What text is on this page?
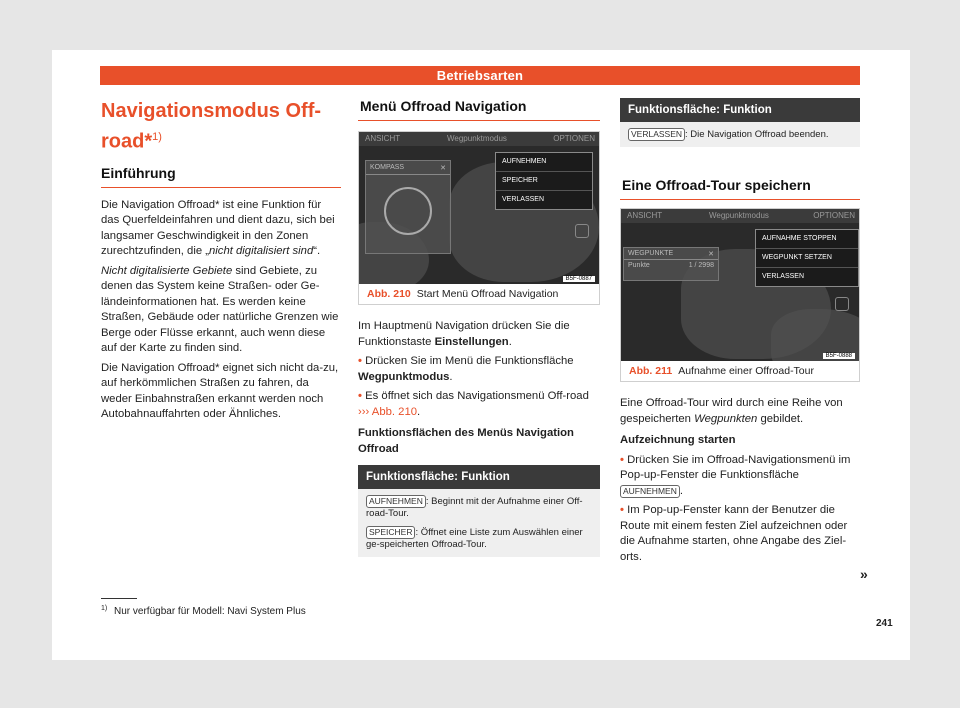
Betriebsarten
Navigationsmodus Off-
road*$^{1)}$
Einführung

Die Navigation Offroad* ist eine Funktion für das Querfeldeinfahren und dient dazu, sich bei langsamer Geschwindigkeit in den Zonen zurechtzufinden, die „nicht digitalisiert sind“.

Nicht digitalisierte Gebiete sind Gebiete, zu denen das System keine Straßen- oder Ge-ländeinformationen hat. Es werden keine Straßen, Gebäude oder natürliche Grenzen wie Berge oder Flüsse erkannt, auch wenn diese auf der Karte zu finden sind.

Die Navigation Offroad* eignet sich nicht da-zu, auf herkömmlichen Straßen zu fahren, da weder Einbahnstraßen erkannt werden noch Autobahnauffahrten oder Ähnliches.

Menü Offroad Navigation
ANSICHT	Wegpunktmodus	OPTIONEN
KOMPASS	✕
AUFNEHMEN
SPEICHER
VERLASSEN
B5F-0887
Abb. 210 Start Menü Offroad Navigation

Im Hauptmenü Navigation drücken Sie die Funktionstaste Einstellungen.

• Drücken Sie im Menü die Funktionsfläche Wegpunktmodus.

• Es öffnet sich das Navigationsmenü Off-road ››› Abb. 210.

Funktionsflächen des Menüs Navigation Offroad

Funktionsfläche: Funktion

AUFNEHMEN : Beginnt mit der Aufnahme einer Off-road-Tour.

SPEICHER : Öffnet eine Liste zum Auswählen einer ge-speicherten Offroad-Tour.

Funktionsfläche: Funktion

VERLASSEN : Die Navigation Offroad beenden.

Eine Offroad-Tour speichern
ANSICHT	Wegpunktmodus	OPTIONEN
WEGPUNKTE	✕
Punkte	1 / 2998
AUFNAHME STOPPEN
WEGPUNKT SETZEN
VERLASSEN
B5F-0888
Abb. 211 Aufnahme einer Offroad-Tour

Eine Offroad-Tour wird durch eine Reihe von gespeicherten Wegpunkten gebildet.

Aufzeichnung starten

• Drücken Sie im Offroad-Navigationsmenü im Pop-up-Fenster die Funktionsfläche AUFNEHMEN .

• Im Pop-up-Fenster kann der Benutzer die Route mit einem festen Ziel aufzeichnen oder die Aufnahme starten, ohne Angabe des Ziel-orts.

»
$^{1)}$ Nur verfügbar für Modell: Navi System Plus
241
